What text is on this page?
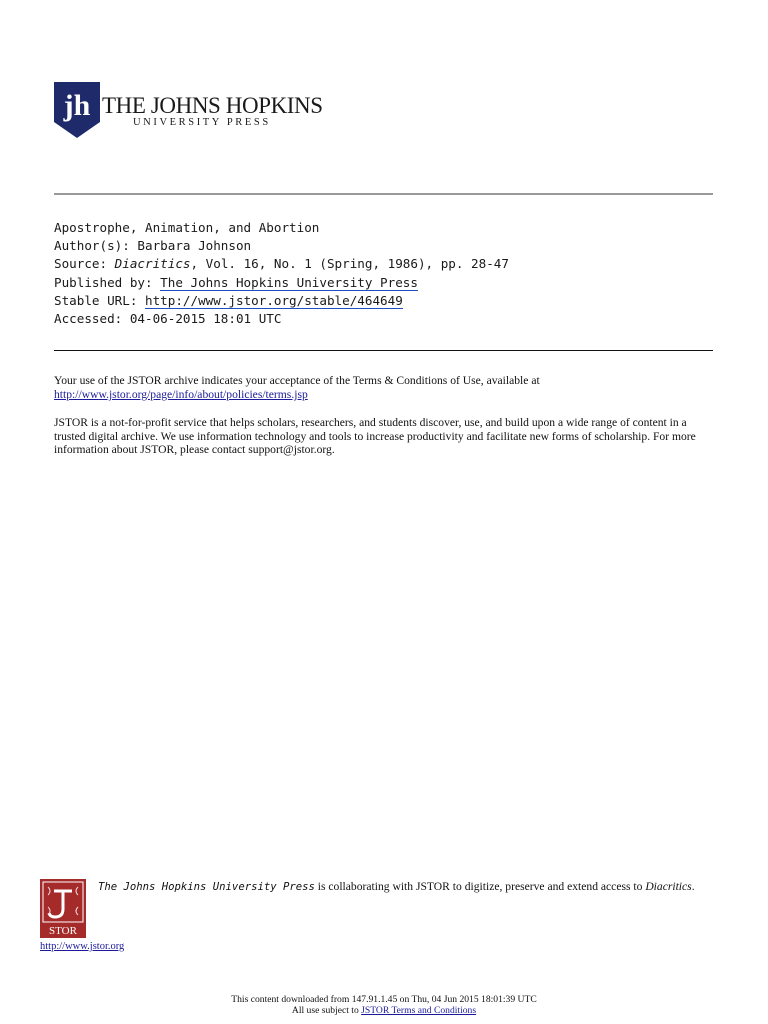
jh THE JOHNS HOPKINS
UNIVERSITY PRESS
Apostrophe, Animation, and Abortion
Author(s): Barbara Johnson
Source: Diacritics, Vol. 16, No. 1 (Spring, 1986), pp. 28-47
Published by: The Johns Hopkins University Press
Stable URL: http://www.jstor.org/stable/464649
Accessed: 04-06-2015 18:01 UTC
Your use of the JSTOR archive indicates your acceptance of the Terms & Conditions of Use, available at http://www.jstor.org/page/info/about/policies/terms.jsp
JSTOR is a not-for-profit service that helps scholars, researchers, and students discover, use, and build upon a wide range of content in a trusted digital archive. We use information technology and tools to increase productivity and facilitate new forms of scholarship. For more information about JSTOR, please contact support@jstor.org.
STOR
The Johns Hopkins University Press is collaborating with JSTOR to digitize, preserve and extend access to Diacritics.
http://www.jstor.org
This content downloaded from 147.91.1.45 on Thu, 04 Jun 2015 18:01:39 UTC
All use subject to JSTOR Terms and Conditions
